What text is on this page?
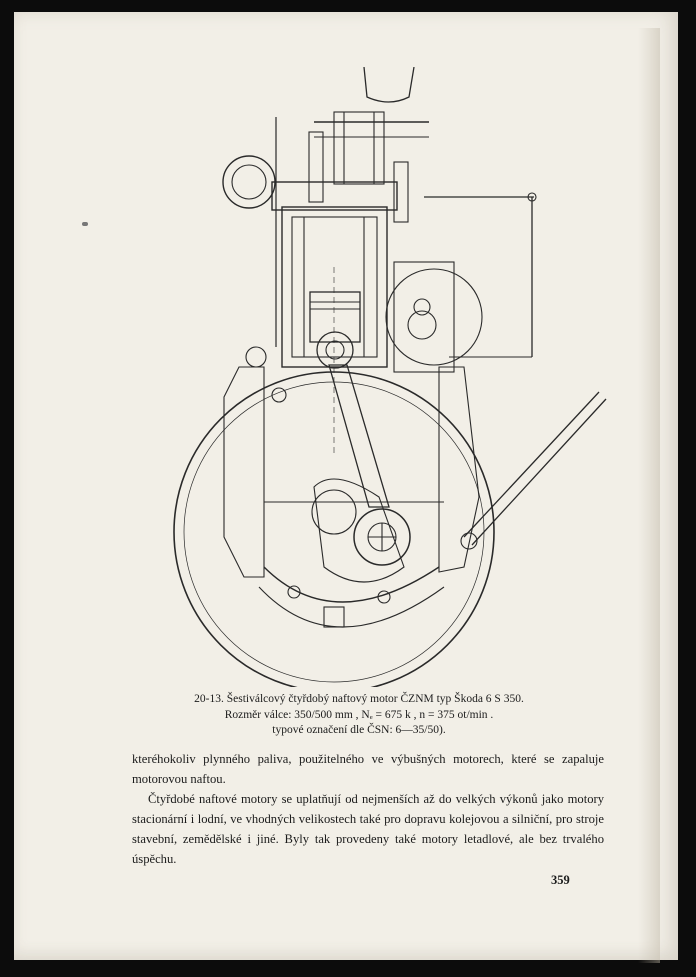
20-13. Šestiválcový čtyřdobý naftový motor ČZNM typ Škoda 6 S 350.
Rozměr válce: 350/500 mm , Nₑ = 675 k , n = 375 ot/min .
typové označení dle ČSN: 6—35/50).

kteréhokoliv plynného paliva, použitelného ve výbušných motorech, které se zapaluje motorovou naftou.

Čtyřdobé naftové motory se uplatňují od nejmenších až do velkých výkonů jako motory stacionární i lodní, ve vhodných velikostech také pro dopravu kolejovou a silniční, pro stroje stavební, zemědělské i jiné. Byly tak provedeny také motory letadlové, ale bez trvalého úspěchu.

359
